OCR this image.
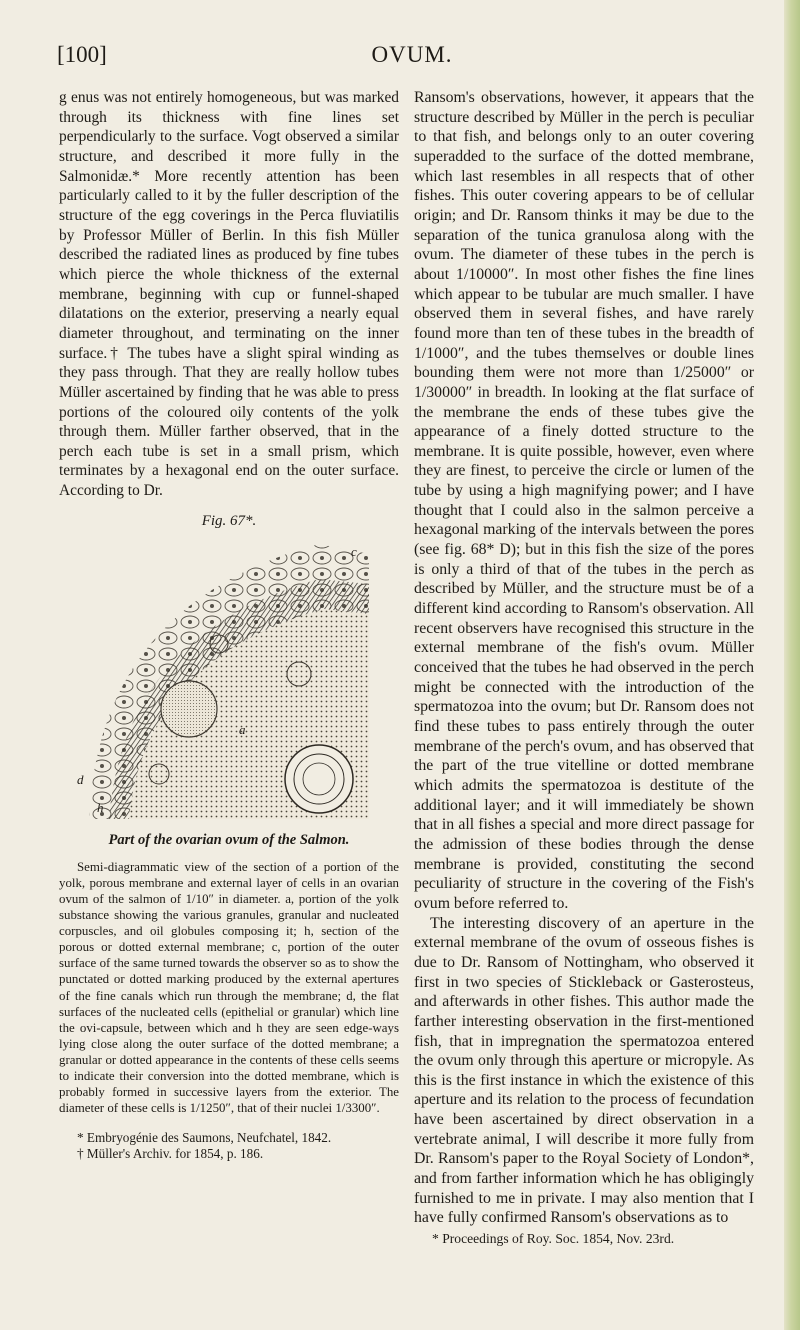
[100]	OVUM.

g enus was not entirely homogeneous, but was marked through its thickness with fine lines set perpendicularly to the surface. Vogt observed a similar structure, and described it more fully in the Salmonidæ.* More recently attention has been particularly called to it by the fuller description of the structure of the egg coverings in the Perca fluviatilis by Professor Müller of Berlin. In this fish Müller described the radiated lines as produced by fine tubes which pierce the whole thickness of the external membrane, beginning with cup or funnel-shaped dilatations on the exterior, preserving a nearly equal diameter throughout, and terminating on the inner surface.† The tubes have a slight spiral winding as they pass through. That they are really hollow tubes Müller ascertained by finding that he was able to press portions of the coloured oily contents of the yolk through them. Müller farther observed, that in the perch each tube is set in a small prism, which terminates by a hexagonal end on the outer surface. According to Dr.

Fig. 67*.
c
a
h
d
Part of the ovarian ovum of the Salmon.

Semi-diagrammatic view of the section of a portion of the yolk, porous membrane and external layer of cells in an ovarian ovum of the salmon of 1/10″ in diameter. a, portion of the yolk substance showing the various granules, granular and nucleated corpuscles, and oil globules composing it; h, section of the porous or dotted external membrane; c, portion of the outer surface of the same turned towards the observer so as to show the punctated or dotted marking produced by the external apertures of the fine canals which run through the membrane; d, the flat surfaces of the nucleated cells (epithelial or granular) which line the ovi-capsule, between which and h they are seen edge-ways lying close along the outer surface of the dotted membrane; a granular or dotted appearance in the contents of these cells seems to indicate their conversion into the dotted membrane, which is probably formed in successive layers from the exterior. The diameter of these cells is 1/1250″, that of their nuclei 1/3300″.

* Embryogénie des Saumons, Neufchatel, 1842.

† Müller's Archiv. for 1854, p. 186.

Ransom's observations, however, it appears that the structure described by Müller in the perch is peculiar to that fish, and belongs only to an outer covering superadded to the surface of the dotted membrane, which last resembles in all respects that of other fishes. This outer covering appears to be of cellular origin; and Dr. Ransom thinks it may be due to the separation of the tunica granulosa along with the ovum. The diameter of these tubes in the perch is about 1/10000″. In most other fishes the fine lines which appear to be tubular are much smaller. I have observed them in several fishes, and have rarely found more than ten of these tubes in the breadth of 1/1000″, and the tubes themselves or double lines bounding them were not more than 1/25000″ or 1/30000″ in breadth. In looking at the flat surface of the membrane the ends of these tubes give the appearance of a finely dotted structure to the membrane. It is quite possible, however, even where they are finest, to perceive the circle or lumen of the tube by using a high magnifying power; and I have thought that I could also in the salmon perceive a hexagonal marking of the intervals between the pores (see fig. 68* D); but in this fish the size of the pores is only a third of that of the tubes in the perch as described by Müller, and the structure must be of a different kind according to Ransom's observation. All recent observers have recognised this structure in the external membrane of the fish's ovum. Müller conceived that the tubes he had observed in the perch might be connected with the introduction of the spermatozoa into the ovum; but Dr. Ransom does not find these tubes to pass entirely through the outer membrane of the perch's ovum, and has observed that the part of the true vitelline or dotted membrane which admits the spermatozoa is destitute of the additional layer; and it will immediately be shown that in all fishes a special and more direct passage for the admission of these bodies through the dense membrane is provided, constituting the second peculiarity of structure in the covering of the Fish's ovum before referred to.

The interesting discovery of an aperture in the external membrane of the ovum of osseous fishes is due to Dr. Ransom of Nottingham, who observed it first in two species of Stickleback or Gasterosteus, and afterwards in other fishes. This author made the farther interesting observation in the first-mentioned fish, that in impregnation the spermatozoa entered the ovum only through this aperture or micropyle. As this is the first instance in which the existence of this aperture and its relation to the process of fecundation have been ascertained by direct observation in a vertebrate animal, I will describe it more fully from Dr. Ransom's paper to the Royal Society of London*, and from farther information which he has obligingly furnished to me in private. I may also mention that I have fully confirmed Ransom's observations as to

* Proceedings of Roy. Soc. 1854, Nov. 23rd.
